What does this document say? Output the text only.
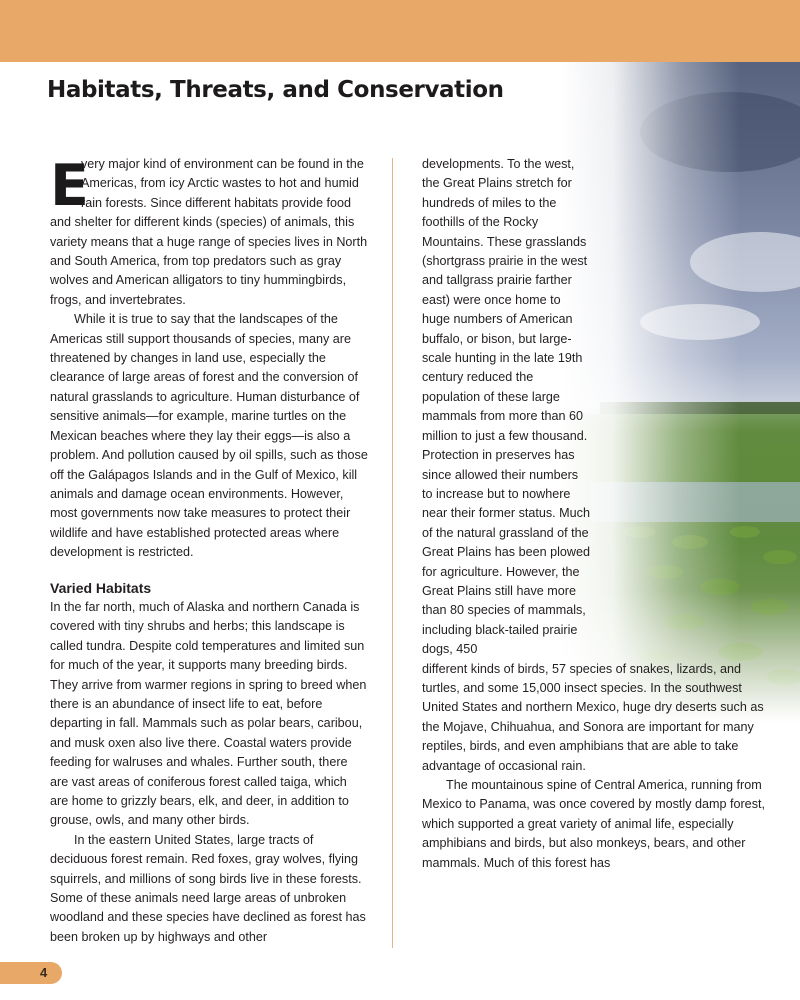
Habitats, Threats, and Conservation

E
very major kind of environment can be found in the Americas, from icy Arctic wastes to hot and humid rain forests. Since different habitats provide food and shelter for different kinds (species) of animals, this variety means that a huge range of species lives in North and South America, from top predators such as gray wolves and American alligators to tiny hummingbirds, frogs, and invertebrates.

While it is true to say that the landscapes of the Americas still support thousands of species, many are threatened by changes in land use, especially the clearance of large areas of forest and the conversion of natural grasslands to agriculture. Human disturbance of sensitive animals—for example, marine turtles on the Mexican beaches where they lay their eggs—is also a problem. And pollution caused by oil spills, such as those off the Galápagos Islands and in the Gulf of Mexico, kill animals and damage ocean environments. However, most governments now take measures to protect their wildlife and have established protected areas where development is restricted.

Varied Habitats

In the far north, much of Alaska and northern Canada is covered with tiny shrubs and herbs; this landscape is called tundra. Despite cold temperatures and limited sun for much of the year, it supports many breeding birds. They arrive from warmer regions in spring to breed when there is an abundance of insect life to eat, before departing in fall. Mammals such as polar bears, caribou, and musk oxen also live there. Coastal waters provide feeding for walruses and whales. Further south, there are vast areas of coniferous forest called taiga, which are home to grizzly bears, elk, and deer, in addition to grouse, owls, and many other birds.

In the eastern United States, large tracts of deciduous forest remain. Red foxes, gray wolves, flying squirrels, and millions of song birds live in these forests. Some of these animals need large areas of unbroken woodland and these species have declined as forest has been broken up by highways and other

developments. To the west, the Great Plains stretch for hundreds of miles to the foothills of the Rocky Mountains. These grasslands (shortgrass prairie in the west and tallgrass prairie farther east) were once home to huge numbers of American buffalo, or bison, but large-scale hunting in the late 19th century reduced the population of these large mammals from more than 60 million to just a few thousand. Protection in preserves has since allowed their numbers to increase but to nowhere near their former status. Much of the natural grassland of the Great Plains has been plowed for agriculture. However, the Great Plains still have more than 80 species of mammals, including black-tailed prairie dogs, 450

different kinds of birds, 57 species of snakes, lizards, and turtles, and some 15,000 insect species. In the southwest United States and northern Mexico, huge dry deserts such as the Mojave, Chihuahua, and Sonora are important for many reptiles, birds, and even amphibians that are able to take advantage of occasional rain.

The mountainous spine of Central America, running from Mexico to Panama, was once covered by mostly damp forest, which supported a great variety of animal life, especially amphibians and birds, but also monkeys, bears, and other mammals. Much of this forest has

4
